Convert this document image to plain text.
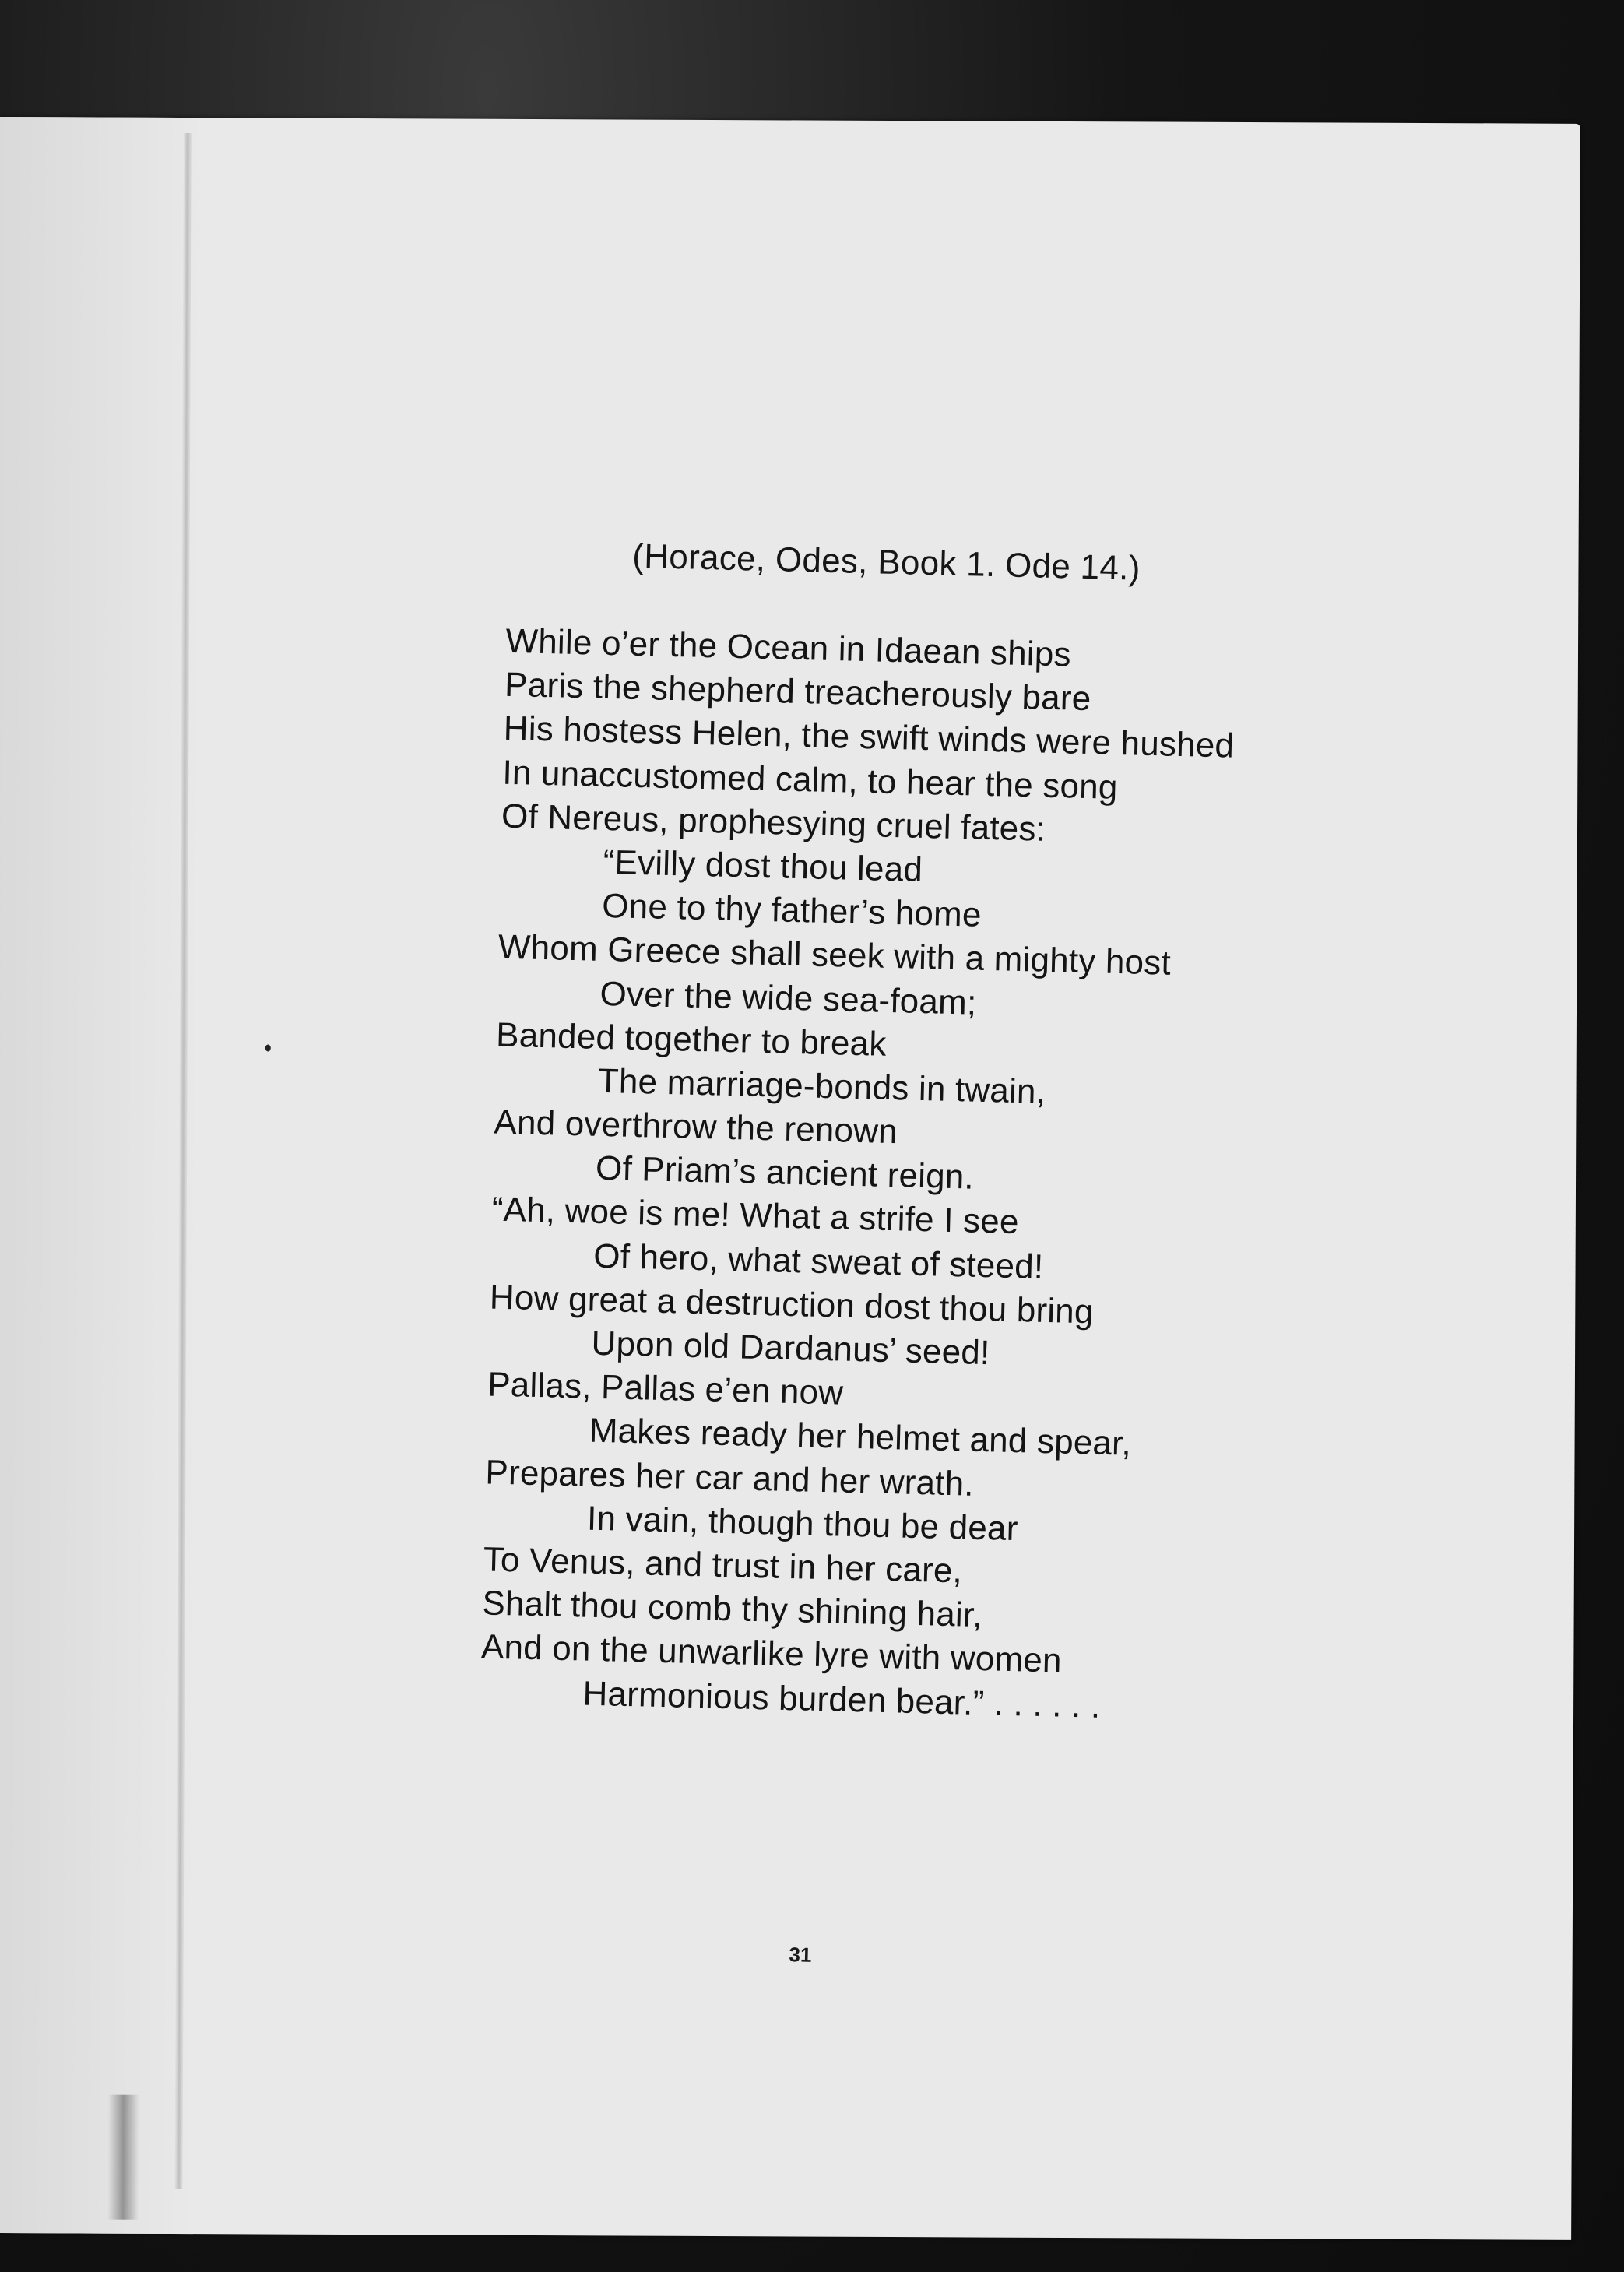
(Horace, Odes, Book 1. Ode 14.)
While o’er the Ocean in Idaean ships
Paris the shepherd treacherously bare
His hostess Helen, the swift winds were hushed
In unaccustomed calm, to hear the song
Of Nereus, prophesying cruel fates:
“Evilly dost thou lead
One to thy father’s home
Whom Greece shall seek with a mighty host
Over the wide sea-foam;
Banded together to break
The marriage-bonds in twain,
And overthrow the renown
Of Priam’s ancient reign.
“Ah, woe is me! What a strife I see
Of hero, what sweat of steed!
How great a destruction dost thou bring
Upon old Dardanus’ seed!
Pallas, Pallas e’en now
Makes ready her helmet and spear,
Prepares her car and her wrath.
In vain, though thou be dear
To Venus, and trust in her care,
Shalt thou comb thy shining hair,
And on the unwarlike lyre with women
Harmonious burden bear.” . . . . . .
31
